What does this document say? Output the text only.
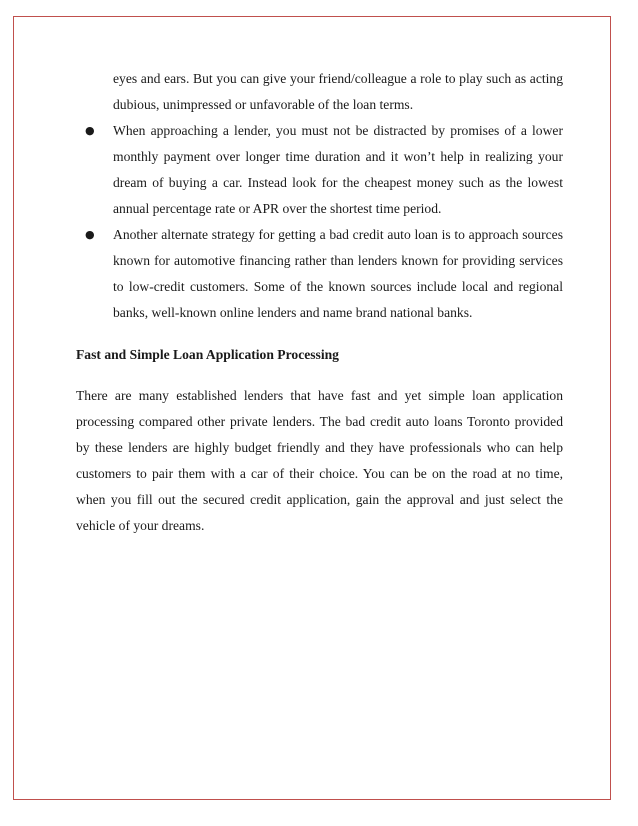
eyes and ears. But you can give your friend/colleague a role to play such as acting dubious, unimpressed or unfavorable of the loan terms.

● When approaching a lender, you must not be distracted by promises of a lower monthly payment over longer time duration and it won’t help in realizing your dream of buying a car. Instead look for the cheapest money such as the lowest annual percentage rate or APR over the shortest time period.
● Another alternate strategy for getting a bad credit auto loan is to approach sources known for automotive financing rather than lenders known for providing services to low-credit customers. Some of the known sources include local and regional banks, well-known online lenders and name brand national banks.
Fast and Simple Loan Application Processing

There are many established lenders that have fast and yet simple loan application processing compared other private lenders. The bad credit auto loans Toronto provided by these lenders are highly budget friendly and they have professionals who can help customers to pair them with a car of their choice. You can be on the road at no time, when you fill out the secured credit application, gain the approval and just select the vehicle of your dreams.
